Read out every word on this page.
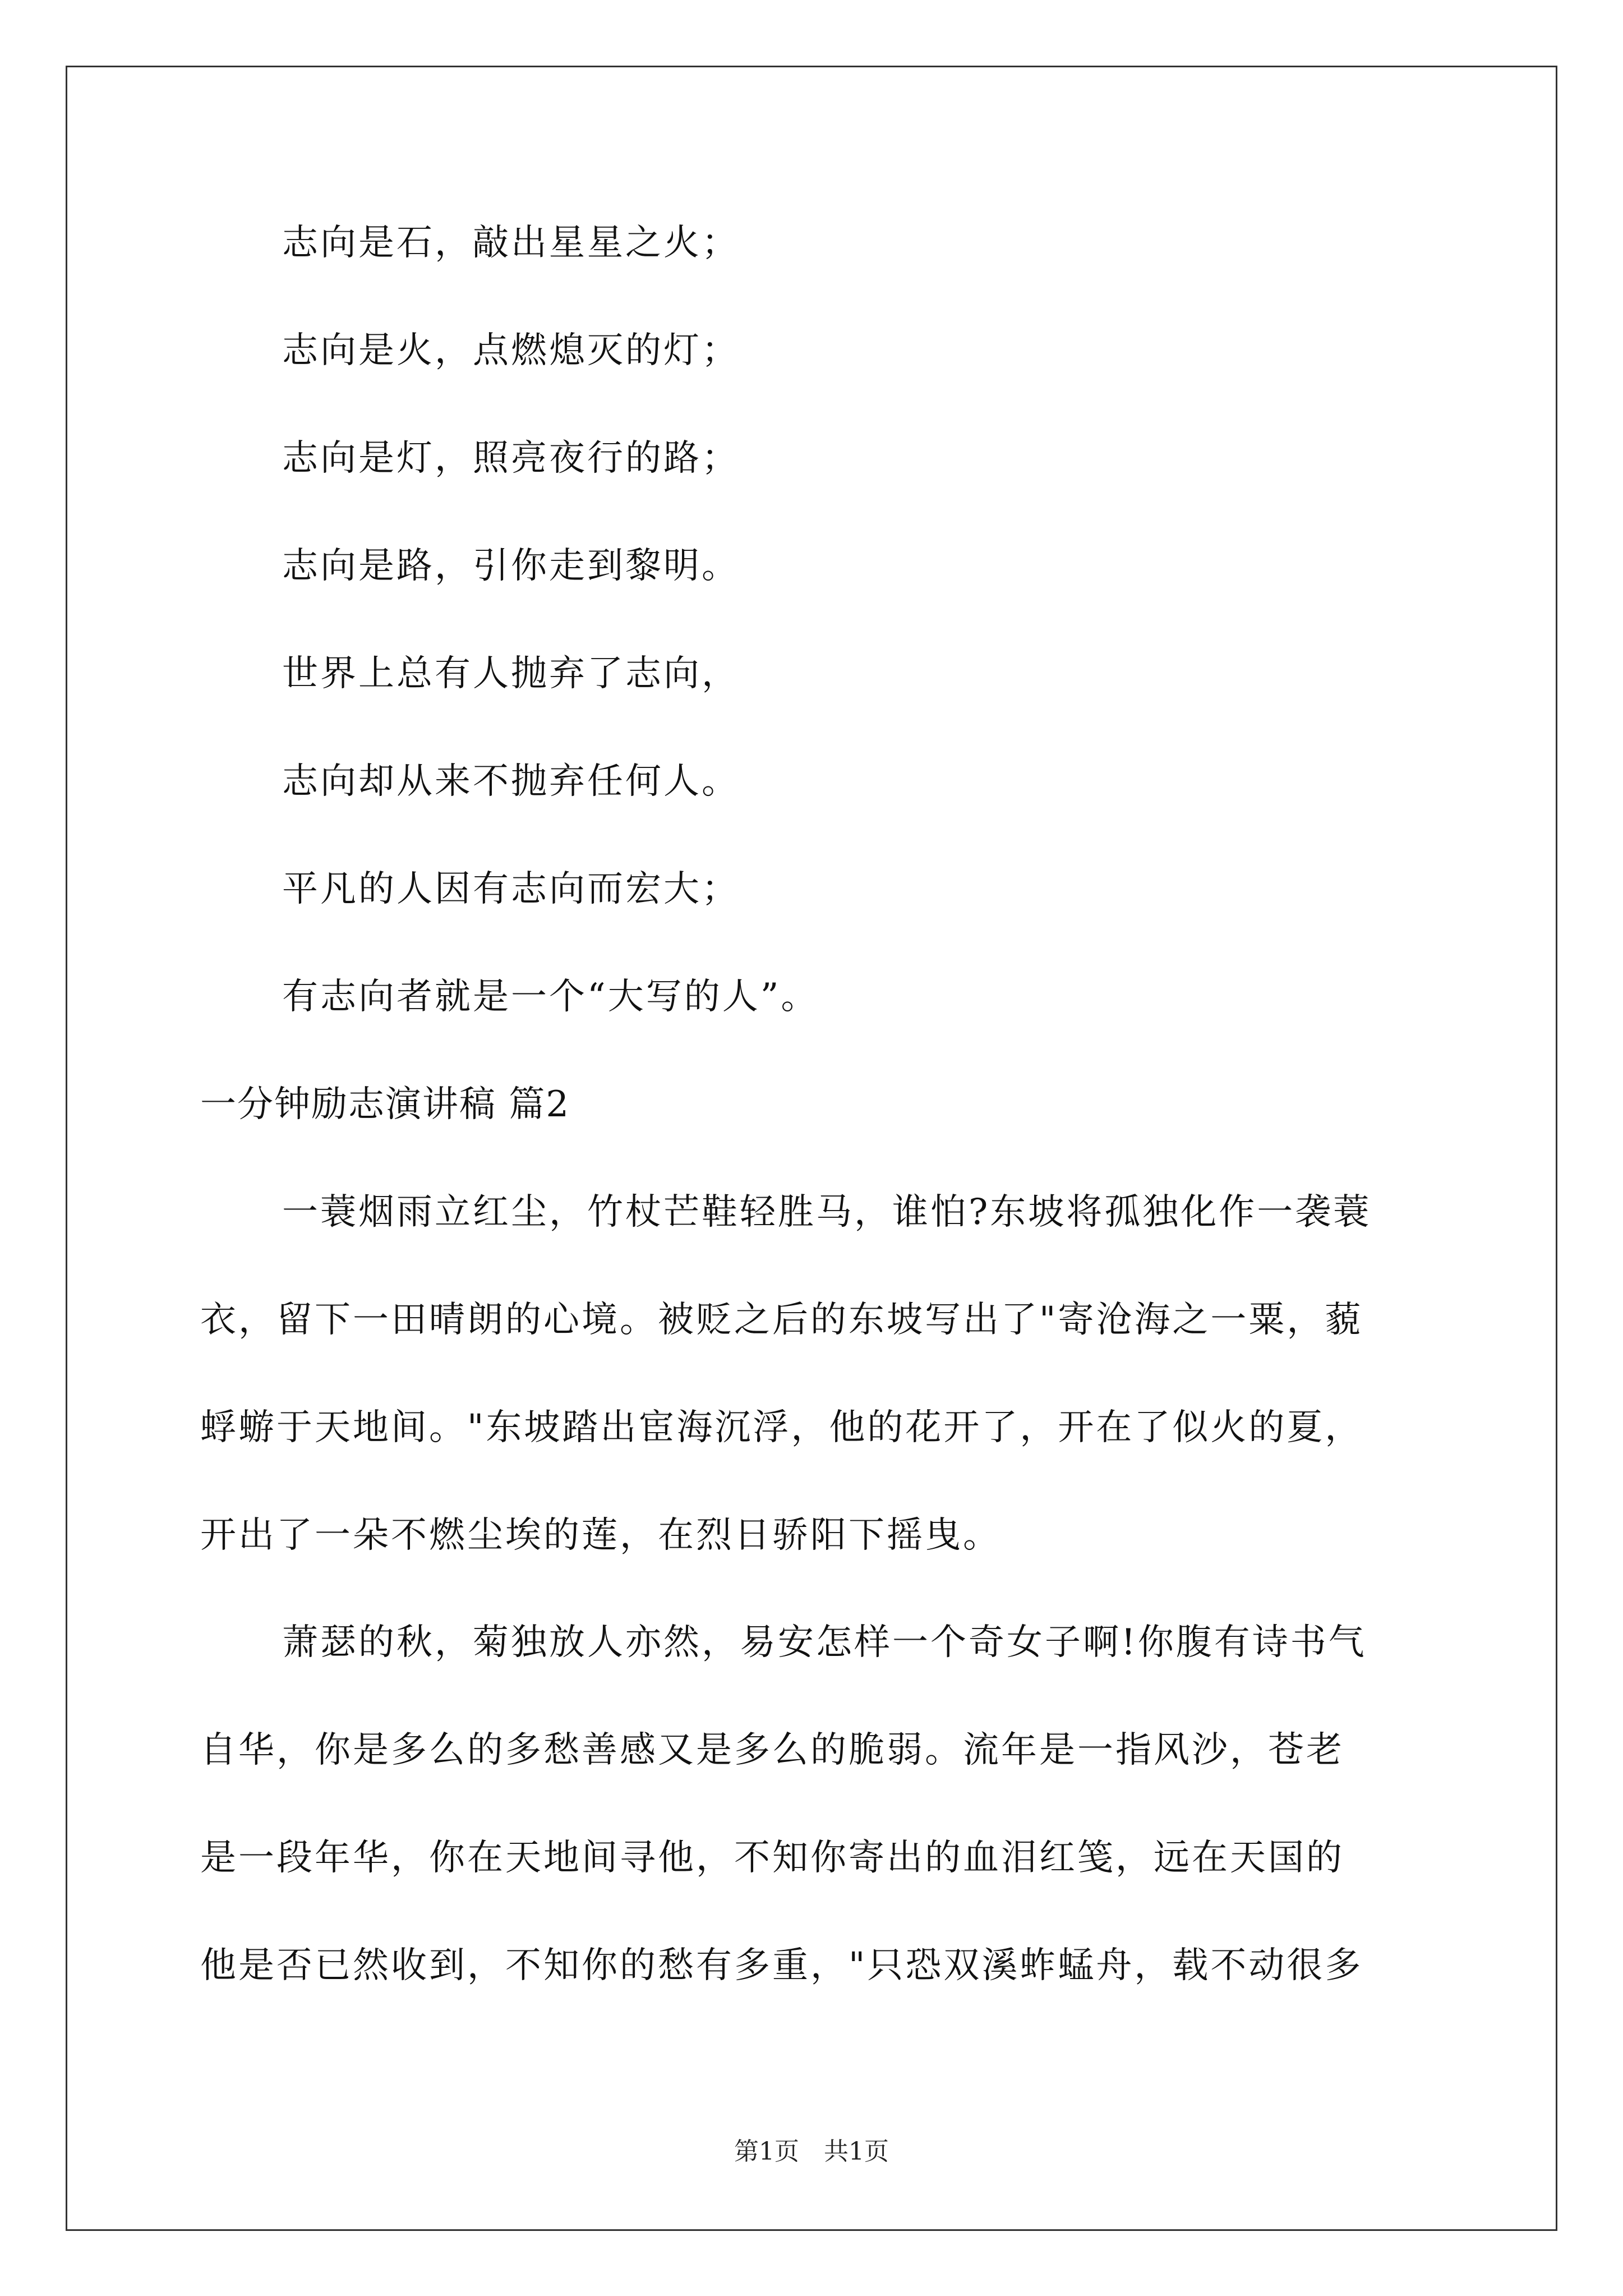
志向是石，敲出星星之火；
志向是火，点燃熄灭的灯；
志向是灯，照亮夜行的路；
志向是路，引你走到黎明。
世界上总有人抛弃了志向，
志向却从来不抛弃任何人。
平凡的人因有志向而宏大；
有志向者就是一个“大写的人”。
一分钟励志演讲稿 篇2
一蓑烟雨立红尘，竹杖芒鞋轻胜马，谁怕?东坡将孤独化作一袭蓑
衣，留下一田晴朗的心境。被贬之后的东坡写出了"寄沧海之一粟，藐
蜉蝣于天地间。"东坡踏出宦海沉浮，他的花开了，开在了似火的夏，
开出了一朵不燃尘埃的莲，在烈日骄阳下摇曳。
萧瑟的秋，菊独放人亦然，易安怎样一个奇女子啊!你腹有诗书气
自华，你是多么的多愁善感又是多么的脆弱。流年是一指风沙，苍老
是一段年华，你在天地间寻他，不知你寄出的血泪红笺，远在天国的
他是否已然收到，不知你的愁有多重，"只恐双溪蚱蜢舟，载不动很多
第1页　共1页
